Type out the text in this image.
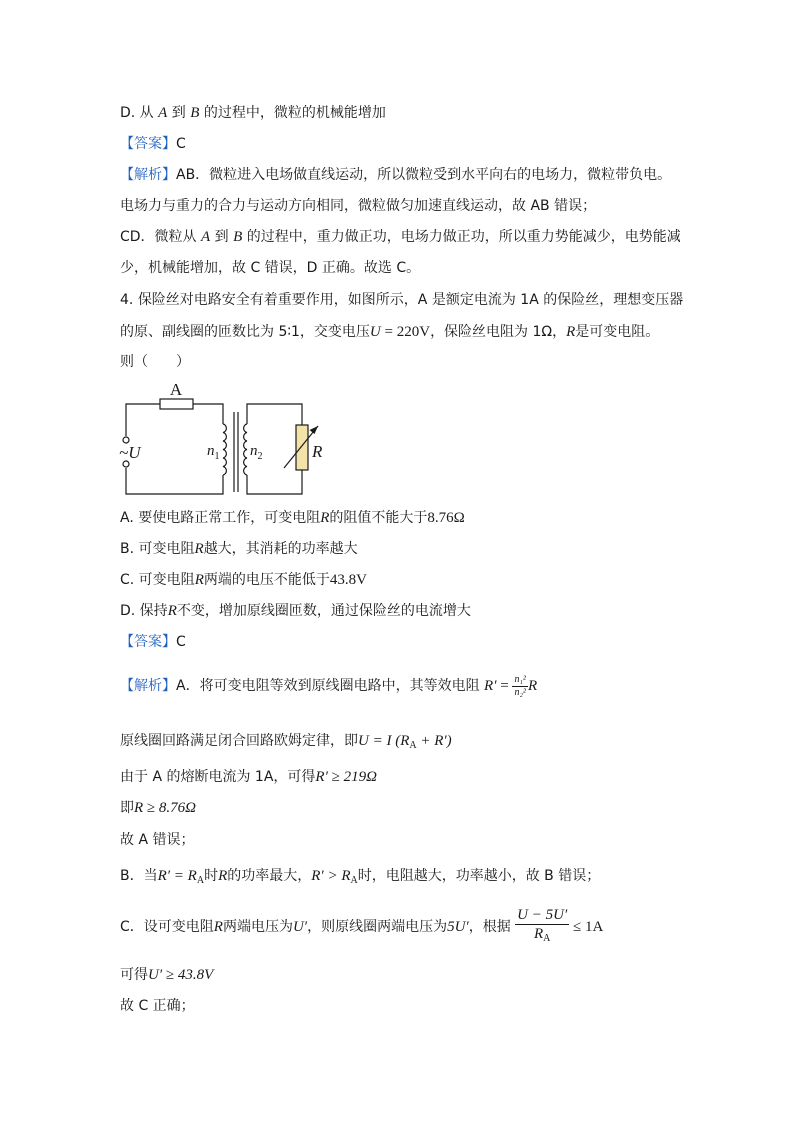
D. 从 A 到 B 的过程中，微粒的机械能增加
【答案】C
【解析】AB．微粒进入电场做直线运动，所以微粒受到水平向右的电场力，微粒带负电。
电场力与重力的合力与运动方向相同，微粒做匀加速直线运动，故 AB 错误；
CD．微粒从 A 到 B 的过程中，重力做正功，电场力做正功，所以重力势能减少，电势能减
少，机械能增加，故 C 错误，D 正确。故选 C。
4. 保险丝对电路安全有着重要作用，如图所示，A 是额定电流为 1A 的保险丝，理想变压器
的原、副线圈的匝数比为 5∶1，交变电压U = 220V，保险丝电阻为 1Ω，R是可变电阻。
则（　　）
A
~U	$n_1$ $n_2$	R
A. 要使电路正常工作，可变电阻R的阻值不能大于8.76Ω
B. 可变电阻R越大，其消耗的功率越大
C. 可变电阻R两端的电压不能低于43.8V
D. 保持R不变，增加原线圈匝数，通过保险丝的电流增大
【答案】C
【解析】A．将可变电阻等效到原线圈电路中，其等效电阻 $R' = \frac{\text{n₁²}}{\text{n₂²}}$ R
原线圈回路满足闭合回路欧姆定律，即U = I $(R_A + R')$
由于 A 的熔断电流为 1A，可得R′ ≥ 219Ω
即R ≥ 8.76Ω
故 A 错误；
B．当$R' = R_A$时R的功率最大，$R' > R_A$时，电阻越大，功率越小，故 B 错误；
C．设可变电阻R两端电压为U′，则原线圈两端电压为5U′，根据 $\frac{U - 5U'}{R_A} \le 1A$
可得U′ ≥ 43.8V
故 C 正确；
